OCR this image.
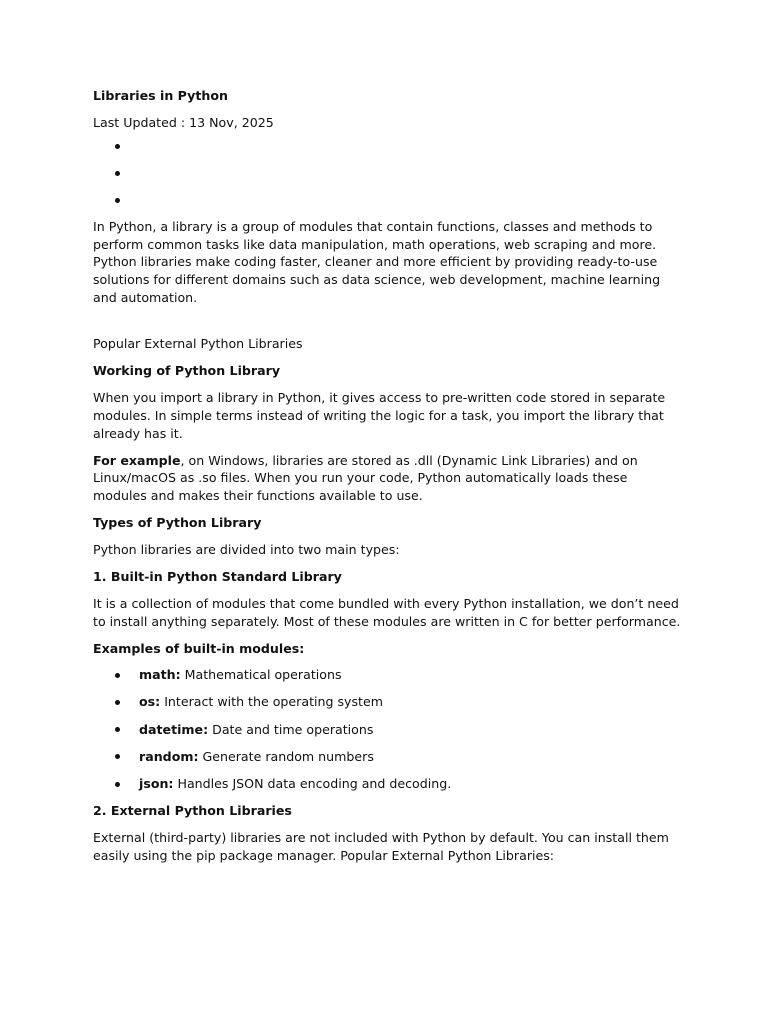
Libraries in Python

Last Updated : 13 Nov, 2025

In Python, a library is a group of modules that contain functions, classes and methods to perform common tasks like data manipulation, math operations, web scraping and more. Python libraries make coding faster, cleaner and more efficient by providing ready-to-use solutions for different domains such as data science, web development, machine learning and automation.

Popular External Python Libraries

Working of Python Library

When you import a library in Python, it gives access to pre-written code stored in separate modules. In simple terms instead of writing the logic for a task, you import the library that already has it.

For example, on Windows, libraries are stored as .dll (Dynamic Link Libraries) and on Linux/macOS as .so files. When you run your code, Python automatically loads these modules and makes their functions available to use.

Types of Python Library

Python libraries are divided into two main types:

1. Built-in Python Standard Library

It is a collection of modules that come bundled with every Python installation, we don’t need to install anything separately. Most of these modules are written in C for better performance.

Examples of built-in modules:

math: Mathematical operations
os: Interact with the operating system
datetime: Date and time operations
random: Generate random numbers
json: Handles JSON data encoding and decoding.

2. External Python Libraries

External (third-party) libraries are not included with Python by default. You can install them easily using the pip package manager. Popular External Python Libraries:
